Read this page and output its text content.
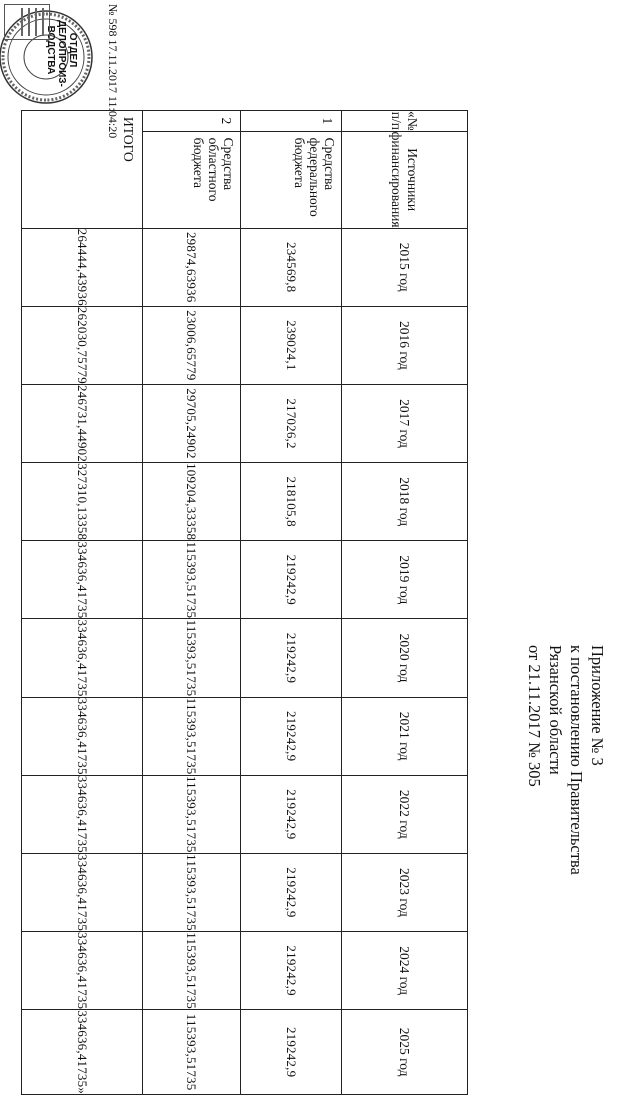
Приложение № 3
к постановлению Правительства
Рязанской области
от 21.11.2017 № 305
«№ п/п	Источники финансирования	2015 год	2016 год	2017 год	2018 год	2019 год	2020 год	2021 год	2022 год	2023 год	2024 год	2025 год
1	Средства федерального бюджета	234569,8	239024,1	217026,2	218105,8	219242,9	219242,9	219242,9	219242,9	219242,9	219242,9	219242,9
2	Средства областного бюджета	29874,63936	23006,65779	29705,24902	109204,33358	115393,51735	115393,51735	115393,51735	115393,51735	115393,51735	115393,51735	115393,51735
ИТОГО		264444,43936	262030,75779	246731,44902	327310,13358	334636,41735	334636,41735	334636,41735	334636,41735	334636,41735	334636,41735	334636,41735»
№ 598 17.11.2017 11:04:20
ОТДЕЛ ДЕЛОПРОИЗ- ВОДСТВА
